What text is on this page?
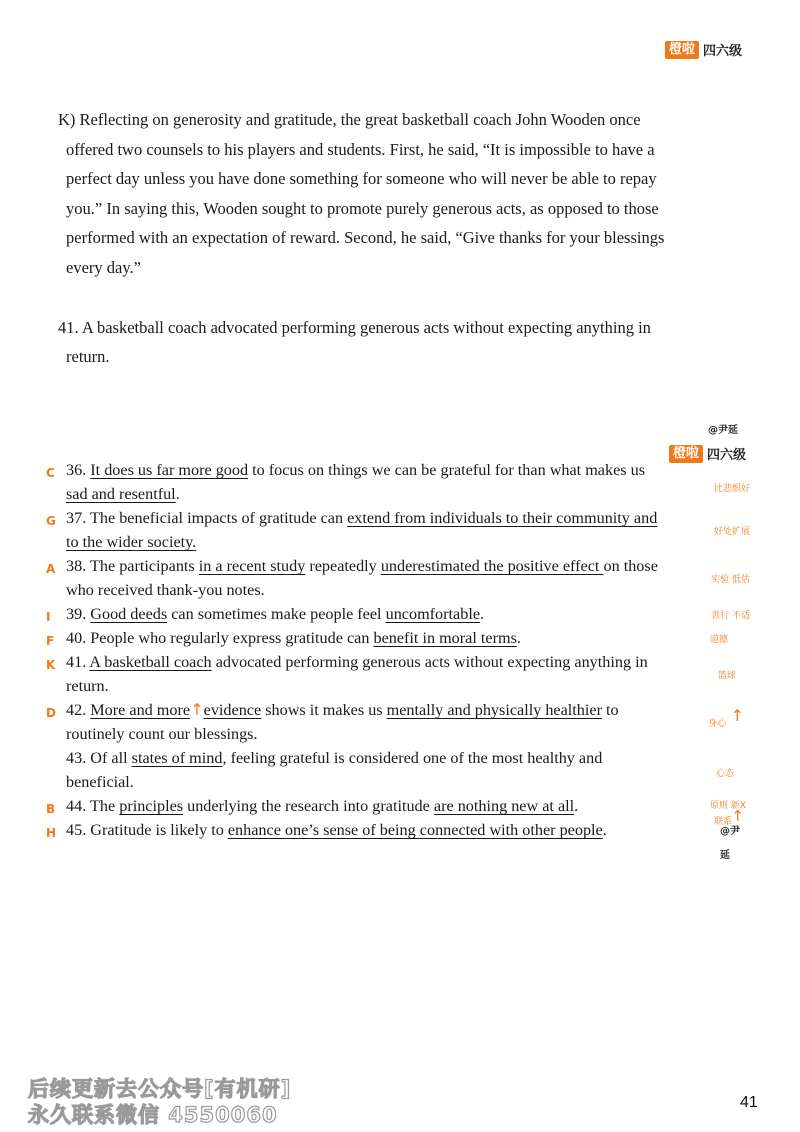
橙啦 四六级
K) Reflecting on generosity and gratitude, the great basketball coach John Wooden once
offered two counsels to his players and students. First, he said, “It is impossible to have a
perfect day unless you have done something for someone who will never be able to repay
you.” In saying this, Wooden sought to promote purely generous acts, as opposed to those
performed with an expectation of reward. Second, he said, “Give thanks for your blessings
every day.”
41. A basketball coach advocated performing generous acts without expecting anything in
return.
@尹延
橙啦 四六级
C 36. It does us far more good to focus on things we can be grateful for than what makes us
sad and resentful.	比悲恨好
G 37. The beneficial impacts of gratitude can extend from individuals to their community and
to the wider society.
好处扩展
A 38. The participants in a recent study repeatedly underestimated the positive effect on those
who received thank-you notes.
实验 低估
I 39. Good deeds can sometimes make people feel uncomfortable.	善行 不适
F 40. People who regularly express gratitude can benefit in moral terms.	道德
K 41. A basketball coach advocated performing generous acts without expecting anything in
return.
篮球
D 42. More and more↑evidence shows it makes us mentally and physically healthier to
routinely count our blessings.
身心 ↑
43. Of all states of mind, feeling grateful is considered one of the most healthy and
beneficial.	心态
B 44. The principles underlying the research into gratitude are nothing new at all.	原则 新X
H 45. Gratitude is likely to enhance one’s sense of being connected with other people.	联系 ↑
@尹延
后续更新去公众号[有机研]
永久联系微信 4550060
41
